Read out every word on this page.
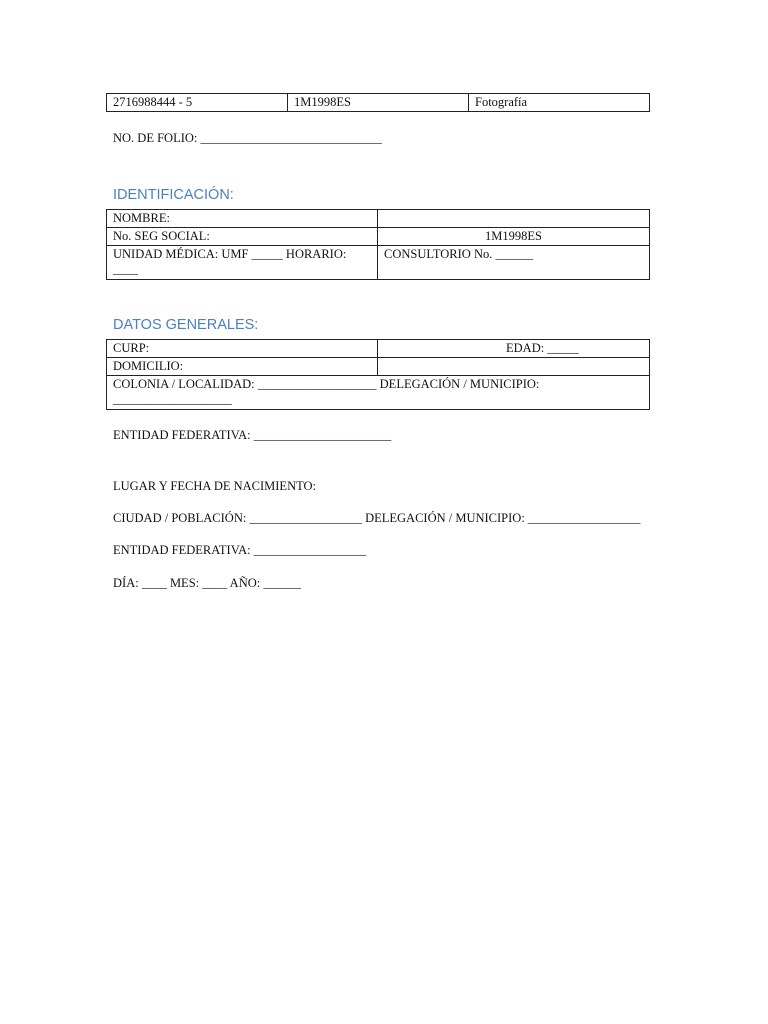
2716988444 - 5	1M1998ES	Fotografía
NO. DE FOLIO: _____________________________
IDENTIFICACIÓN:
NOMBRE:	
No. SEG SOCIAL:	1M1998ES

UNIDAD MÉDICA: UMF _____ HORARIO:
____	CONSULTORIO No. ______
DATOS GENERALES:
CURP:	EDAD: _____
DOMICILIO:	

COLONIA / LOCALIDAD: ___________________ DELEGACIÓN / MUNICIPIO:
___________________	
ENTIDAD FEDERATIVA: ______________________
LUGAR Y FECHA DE NACIMIENTO:
CIUDAD / POBLACIÓN: __________________ DELEGACIÓN / MUNICIPIO: __________________
ENTIDAD FEDERATIVA: __________________
DÍA: ____ MES: ____ AÑO: ______
